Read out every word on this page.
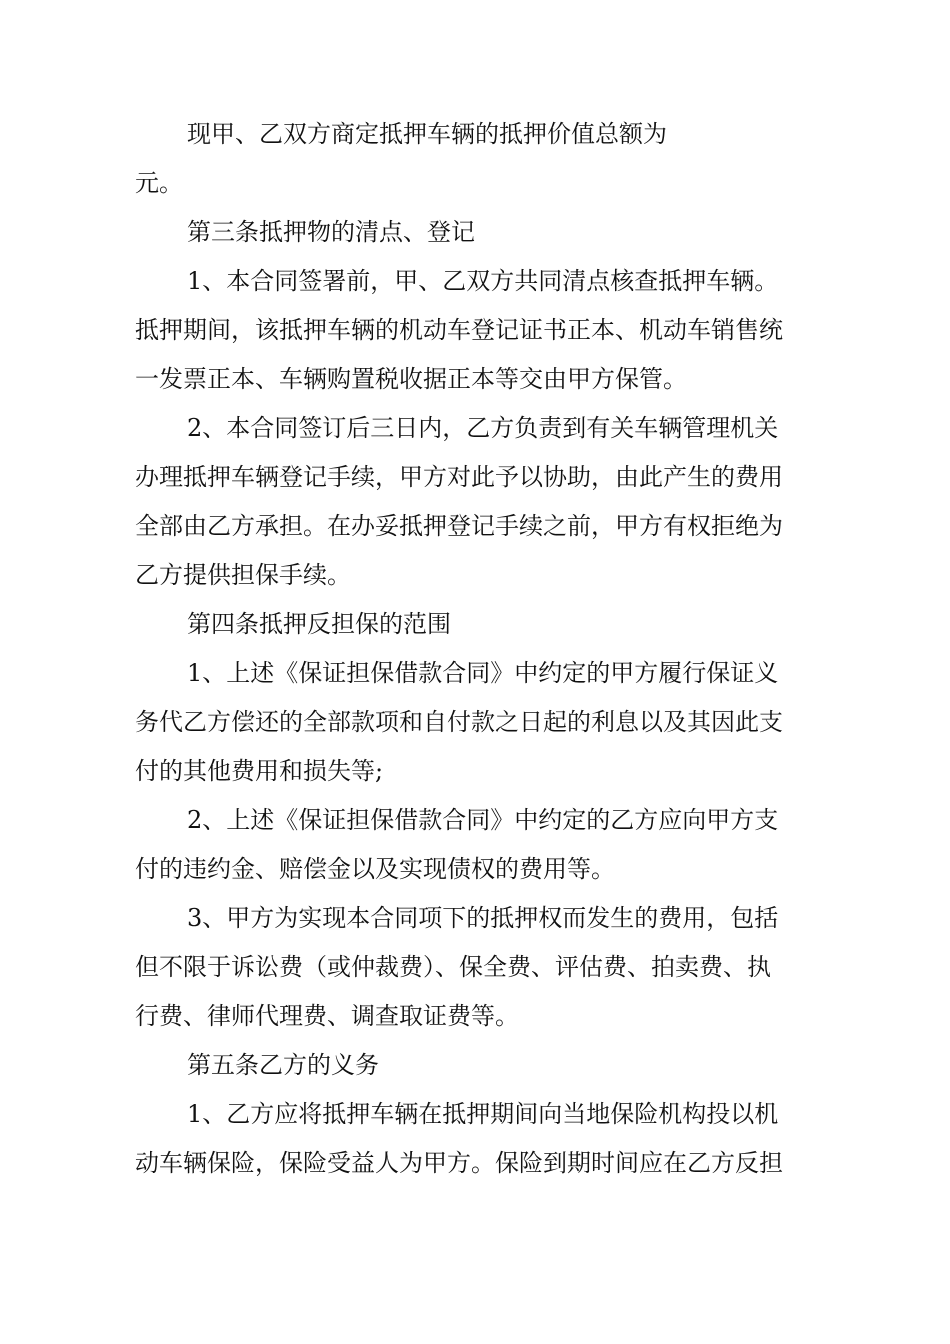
现甲、乙双方商定抵押车辆的抵押价值总额为
元。
第三条抵押物的清点、登记
1、本合同签署前，甲、乙双方共同清点核查抵押车辆。
抵押期间，该抵押车辆的机动车登记证书正本、机动车销售统
一发票正本、车辆购置税收据正本等交由甲方保管。
2、本合同签订后三日内，乙方负责到有关车辆管理机关
办理抵押车辆登记手续，甲方对此予以协助，由此产生的费用
全部由乙方承担。在办妥抵押登记手续之前，甲方有权拒绝为
乙方提供担保手续。
第四条抵押反担保的范围
1、上述《保证担保借款合同》中约定的甲方履行保证义
务代乙方偿还的全部款项和自付款之日起的利息以及其因此支
付的其他费用和损失等;
2、上述《保证担保借款合同》中约定的乙方应向甲方支
付的违约金、赔偿金以及实现债权的费用等。
3、甲方为实现本合同项下的抵押权而发生的费用，包括
但不限于诉讼费（或仲裁费）、保全费、评估费、拍卖费、执
行费、律师代理费、调查取证费等。
第五条乙方的义务
1、乙方应将抵押车辆在抵押期间向当地保险机构投以机
动车辆保险，保险受益人为甲方。保险到期时间应在乙方反担
